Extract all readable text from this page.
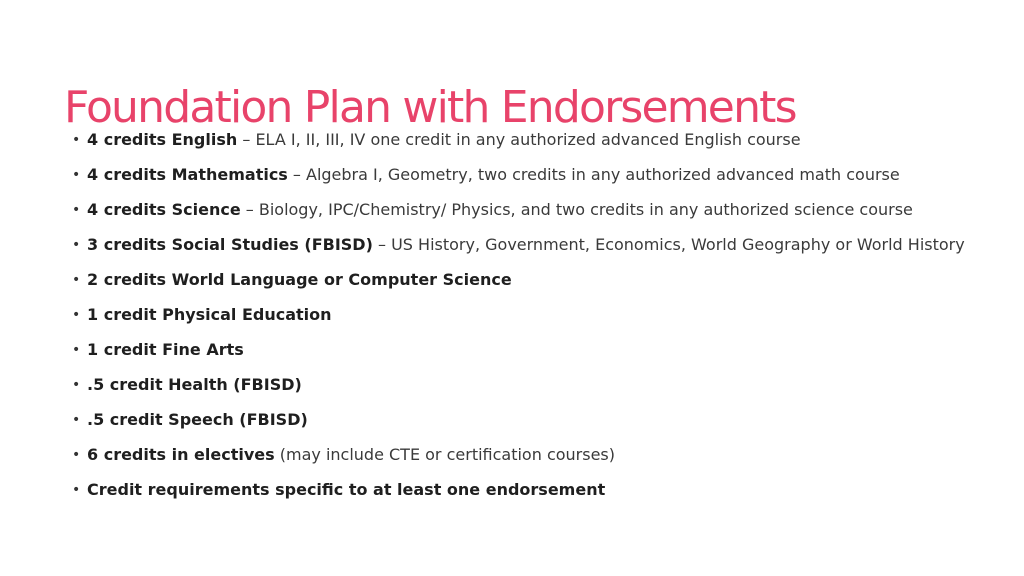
Foundation Plan with Endorsements
• 4 credits English – ELA I, II, III, IV one credit in any authorized advanced English course
• 4 credits Mathematics – Algebra I, Geometry, two credits in any authorized advanced math course
• 4 credits Science – Biology, IPC/Chemistry/ Physics, and two credits in any authorized science course
• 3 credits Social Studies (FBISD) – US History, Government, Economics, World Geography or World History
• 2 credits World Language or Computer Science
• 1 credit Physical Education
• 1 credit Fine Arts
• .5 credit Health (FBISD)
• .5 credit Speech (FBISD)
• 6 credits in electives (may include CTE or certification courses)
• Credit requirements specific to at least one endorsement
